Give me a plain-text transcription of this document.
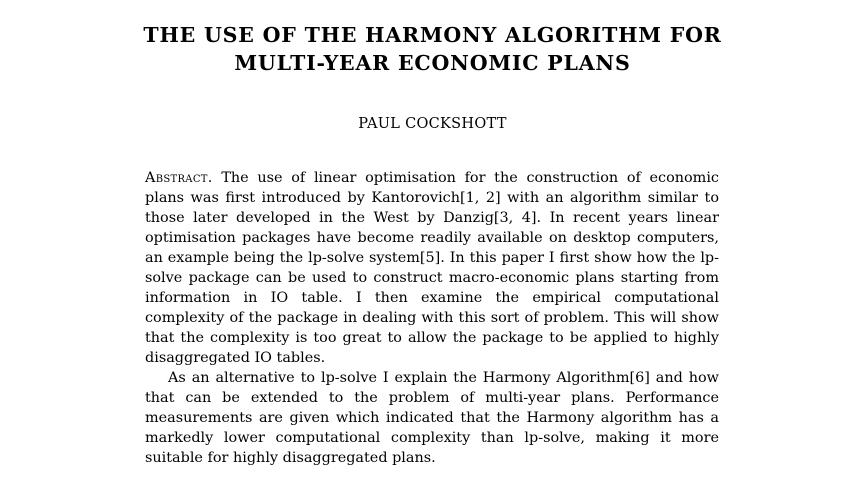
THE USE OF THE HARMONY ALGORITHM FOR
MULTI-YEAR ECONOMIC PLANS
PAUL COCKSHOTT

Abstract. The use of linear optimisation for the construction of economic plans was first introduced by Kantorovich[1, 2] with an algorithm similar to those later developed in the West by Danzig[3, 4]. In recent years linear optimisation packages have become readily available on desktop computers, an example being the lp-solve system[5]. In this paper I first show how the lp-solve package can be used to construct macro-economic plans starting from information in IO table. I then examine the empirical computational complexity of the package in dealing with this sort of problem. This will show that the complexity is too great to allow the package to be applied to highly disaggregated IO tables.

As an alternative to lp-solve I explain the Harmony Algorithm[6] and how that can be extended to the problem of multi-year plans. Performance measurements are given which indicated that the Harmony algorithm has a markedly lower computational complexity than lp-solve, making it more suitable for highly disaggregated plans.
